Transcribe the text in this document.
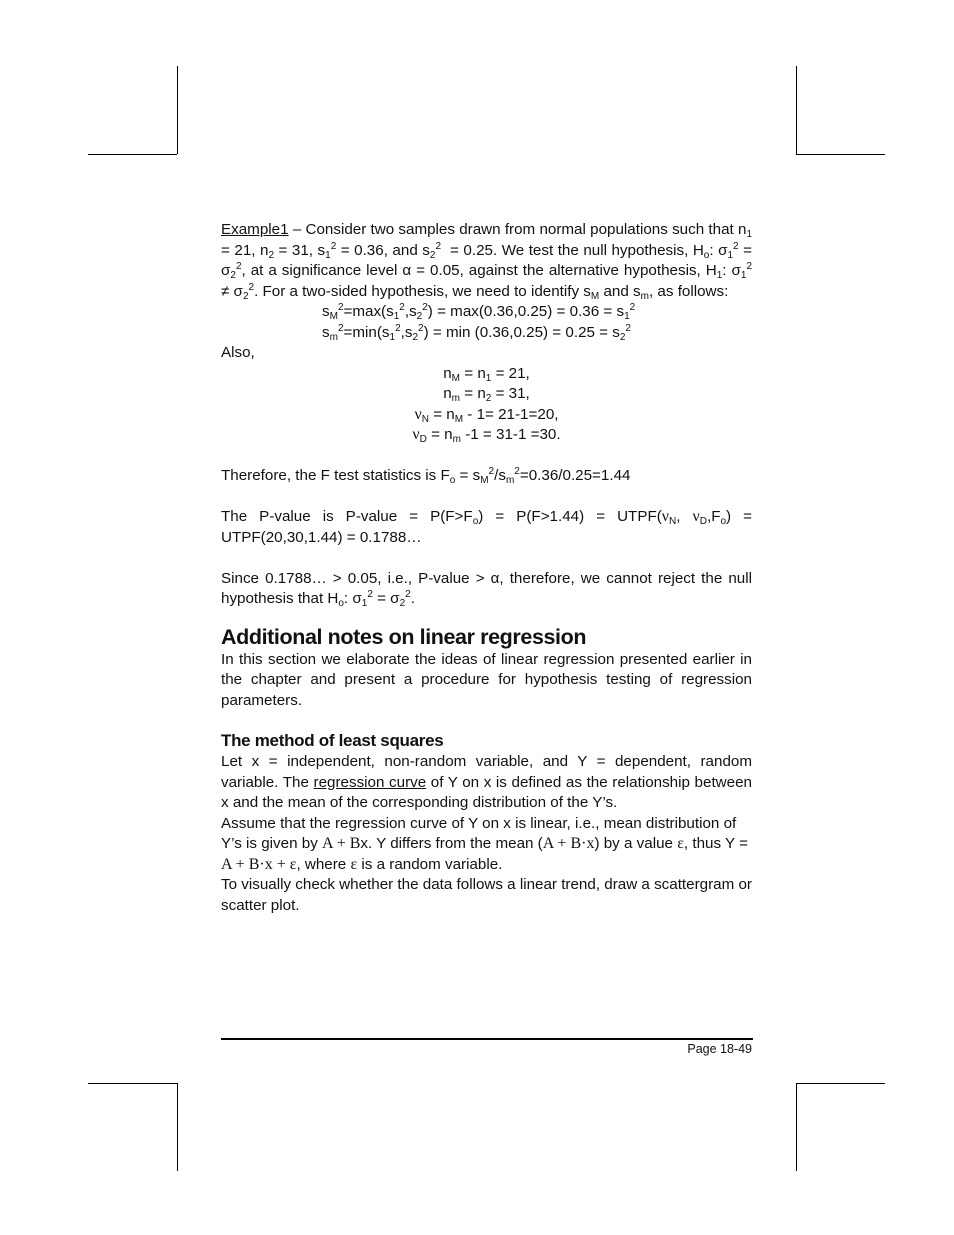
Example1 – Consider two samples drawn from normal populations such that $n_1 = 21$, $n_2 = 31$, $s_1^2 = 0.36$, and $s_2^2 = 0.25$. We test the null hypothesis, $H_o$: $\sigma_1^2 = \sigma_2^2$, at a significance level α = 0.05, against the alternative hypothesis, $H_1$: $\sigma_1^2 \ne \sigma_2^2$. For a two-sided hypothesis, we need to identify $s_M$ and $s_m$, as follows:

$s_M^2=\max(s_1^2,s_2^2) = \max(0.36,0.25) = 0.36 = s_1^2$

$s_m^2=\min(s_1^2,s_2^2) = \min (0.36,0.25) = 0.25 = s_2^2$

Also,

$n_M = n_1 = 21$,

$n_m = n_2 = 31$,

$\nu_N = n_M - 1= 21-1=20$,

$\nu_D = n_m$ -1 = 31-1 =30.

Therefore, the F test statistics is $F_o = s_M^2/s_m^2=0.36/0.25=1.44$

The P-value is P-value = $P(F>F_o) = P(F>1.44)$ = $UTPF(\nu_N$, $\nu_D,F_o$) = UTPF(20,30,1.44) = 0.1788…

Since 0.1788… > 0.05, i.e., P-value > α, therefore, we cannot reject the null hypothesis that $H_o$: $\sigma_1^2 = \sigma_2^2$.

Additional notes on linear regression

In this section we elaborate the ideas of linear regression presented earlier in the chapter and present a procedure for hypothesis testing of regression parameters.

The method of least squares

Let x = independent, non-random variable, and Y = dependent, random variable. The regression curve of Y on x is defined as the relationship between x and the mean of the corresponding distribution of the Y’s.

Assume that the regression curve of Y on x is linear, i.e., mean distribution of Y’s is given by A + Bx. Y differs from the mean (A + B·x) by a value ε, thus Y = A + B·x + ε, where ε is a random variable.

To visually check whether the data follows a linear trend, draw a scattergram or scatter plot.

Page 18-49
